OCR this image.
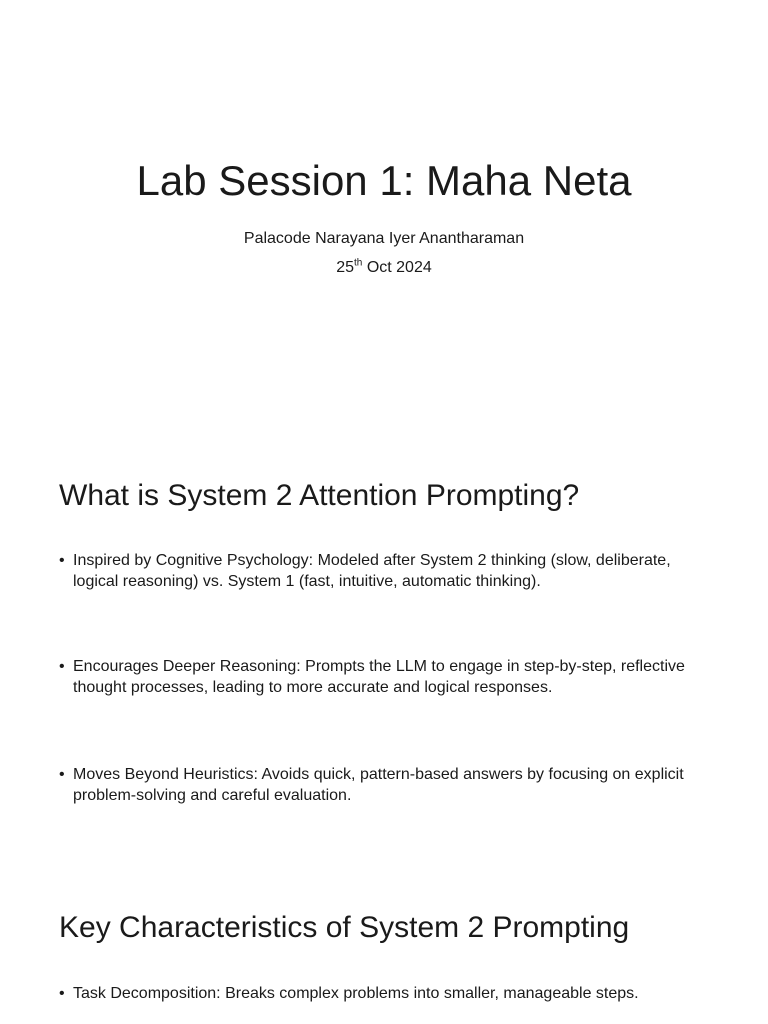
Lab Session 1: Maha Neta

Palacode Narayana Iyer Anantharaman

25th Oct 2024

What is System 2 Attention Prompting?

• Inspired by Cognitive Psychology: Modeled after System 2 thinking (slow, deliberate, logical reasoning) vs. System 1 (fast, intuitive, automatic thinking).

• Encourages Deeper Reasoning: Prompts the LLM to engage in step-by-step, reflective thought processes, leading to more accurate and logical responses.

• Moves Beyond Heuristics: Avoids quick, pattern-based answers by focusing on explicit problem-solving and careful evaluation.

Key Characteristics of System 2 Prompting

• Task Decomposition: Breaks complex problems into smaller, manageable steps.
